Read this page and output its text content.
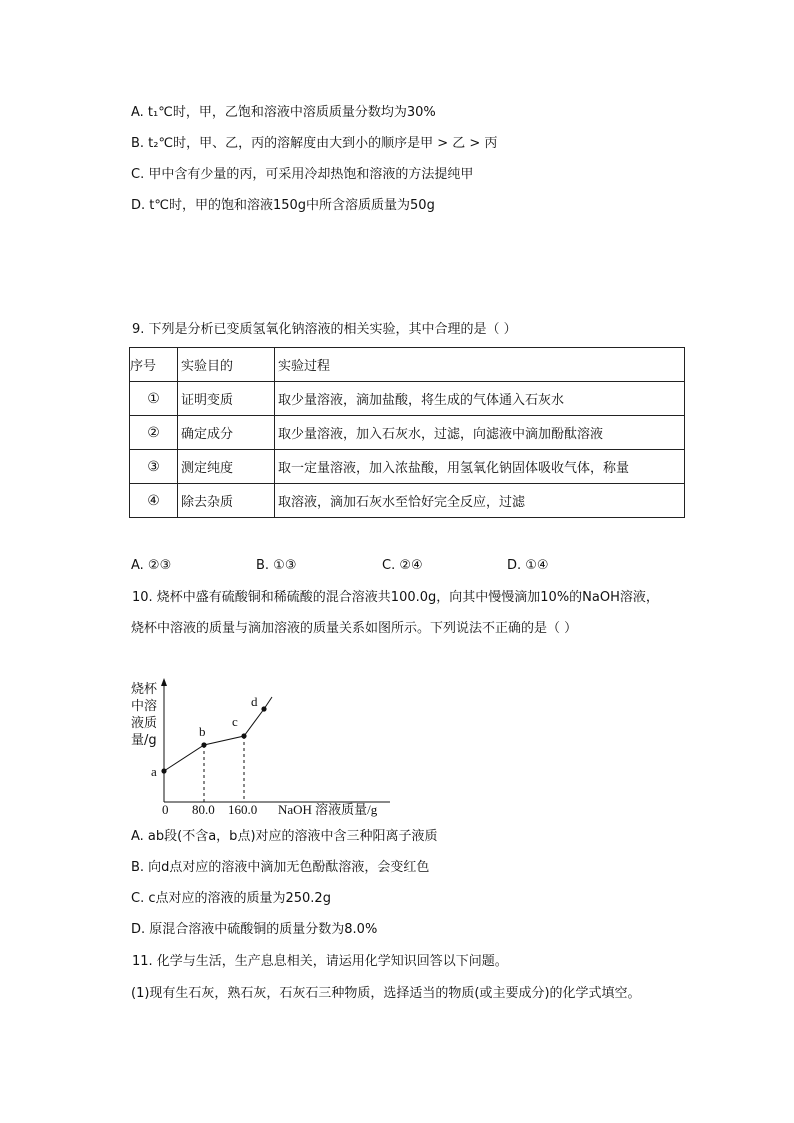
A. t₁℃时，甲，乙饱和溶液中溶质质量分数均为30%
B. t₂℃时，甲、乙，丙的溶解度由大到小的顺序是甲 > 乙 > 丙
C. 甲中含有少量的丙，可采用冷却热饱和溶液的方法提纯甲
D. t℃时，甲的饱和溶液150g中所含溶质质量为50g
9. 下列是分析已变质氢氧化钠溶液的相关实验，其中合理的是（ ）
序号	实验目的	实验过程
①	证明变质	取少量溶液，滴加盐酸，将生成的气体通入石灰水
②	确定成分	取少量溶液，加入石灰水，过滤，向滤液中滴加酚酞溶液
③	测定纯度	取一定量溶液，加入浓盐酸，用氢氧化钠固体吸收气体，称量
④	除去杂质	取溶液，滴加石灰水至恰好完全反应，过滤
A. ②③	B. ①③	C. ②④	D. ①④
10. 烧杯中盛有硫酸铜和稀硫酸的混合溶液共100.0g，向其中慢慢滴加10%的NaOH溶液，
烧杯中溶液的质量与滴加溶液的质量关系如图所示。下列说法不正确的是（ ）
烧杯
中溶
液质
量/g
a
b
c
d
0 80.0 160.0 NaOH 溶液质量/g
A. ab段(不含a，b点)对应的溶液中含三种阳离子液质
B. 向d点对应的溶液中滴加无色酚酞溶液，会变红色
C. c点对应的溶液的质量为250.2g
D. 原混合溶液中硫酸铜的质量分数为8.0%
11. 化学与生活，生产息息相关，请运用化学知识回答以下问题。
(1)现有生石灰，熟石灰，石灰石三种物质，选择适当的物质(或主要成分)的化学式填空。
